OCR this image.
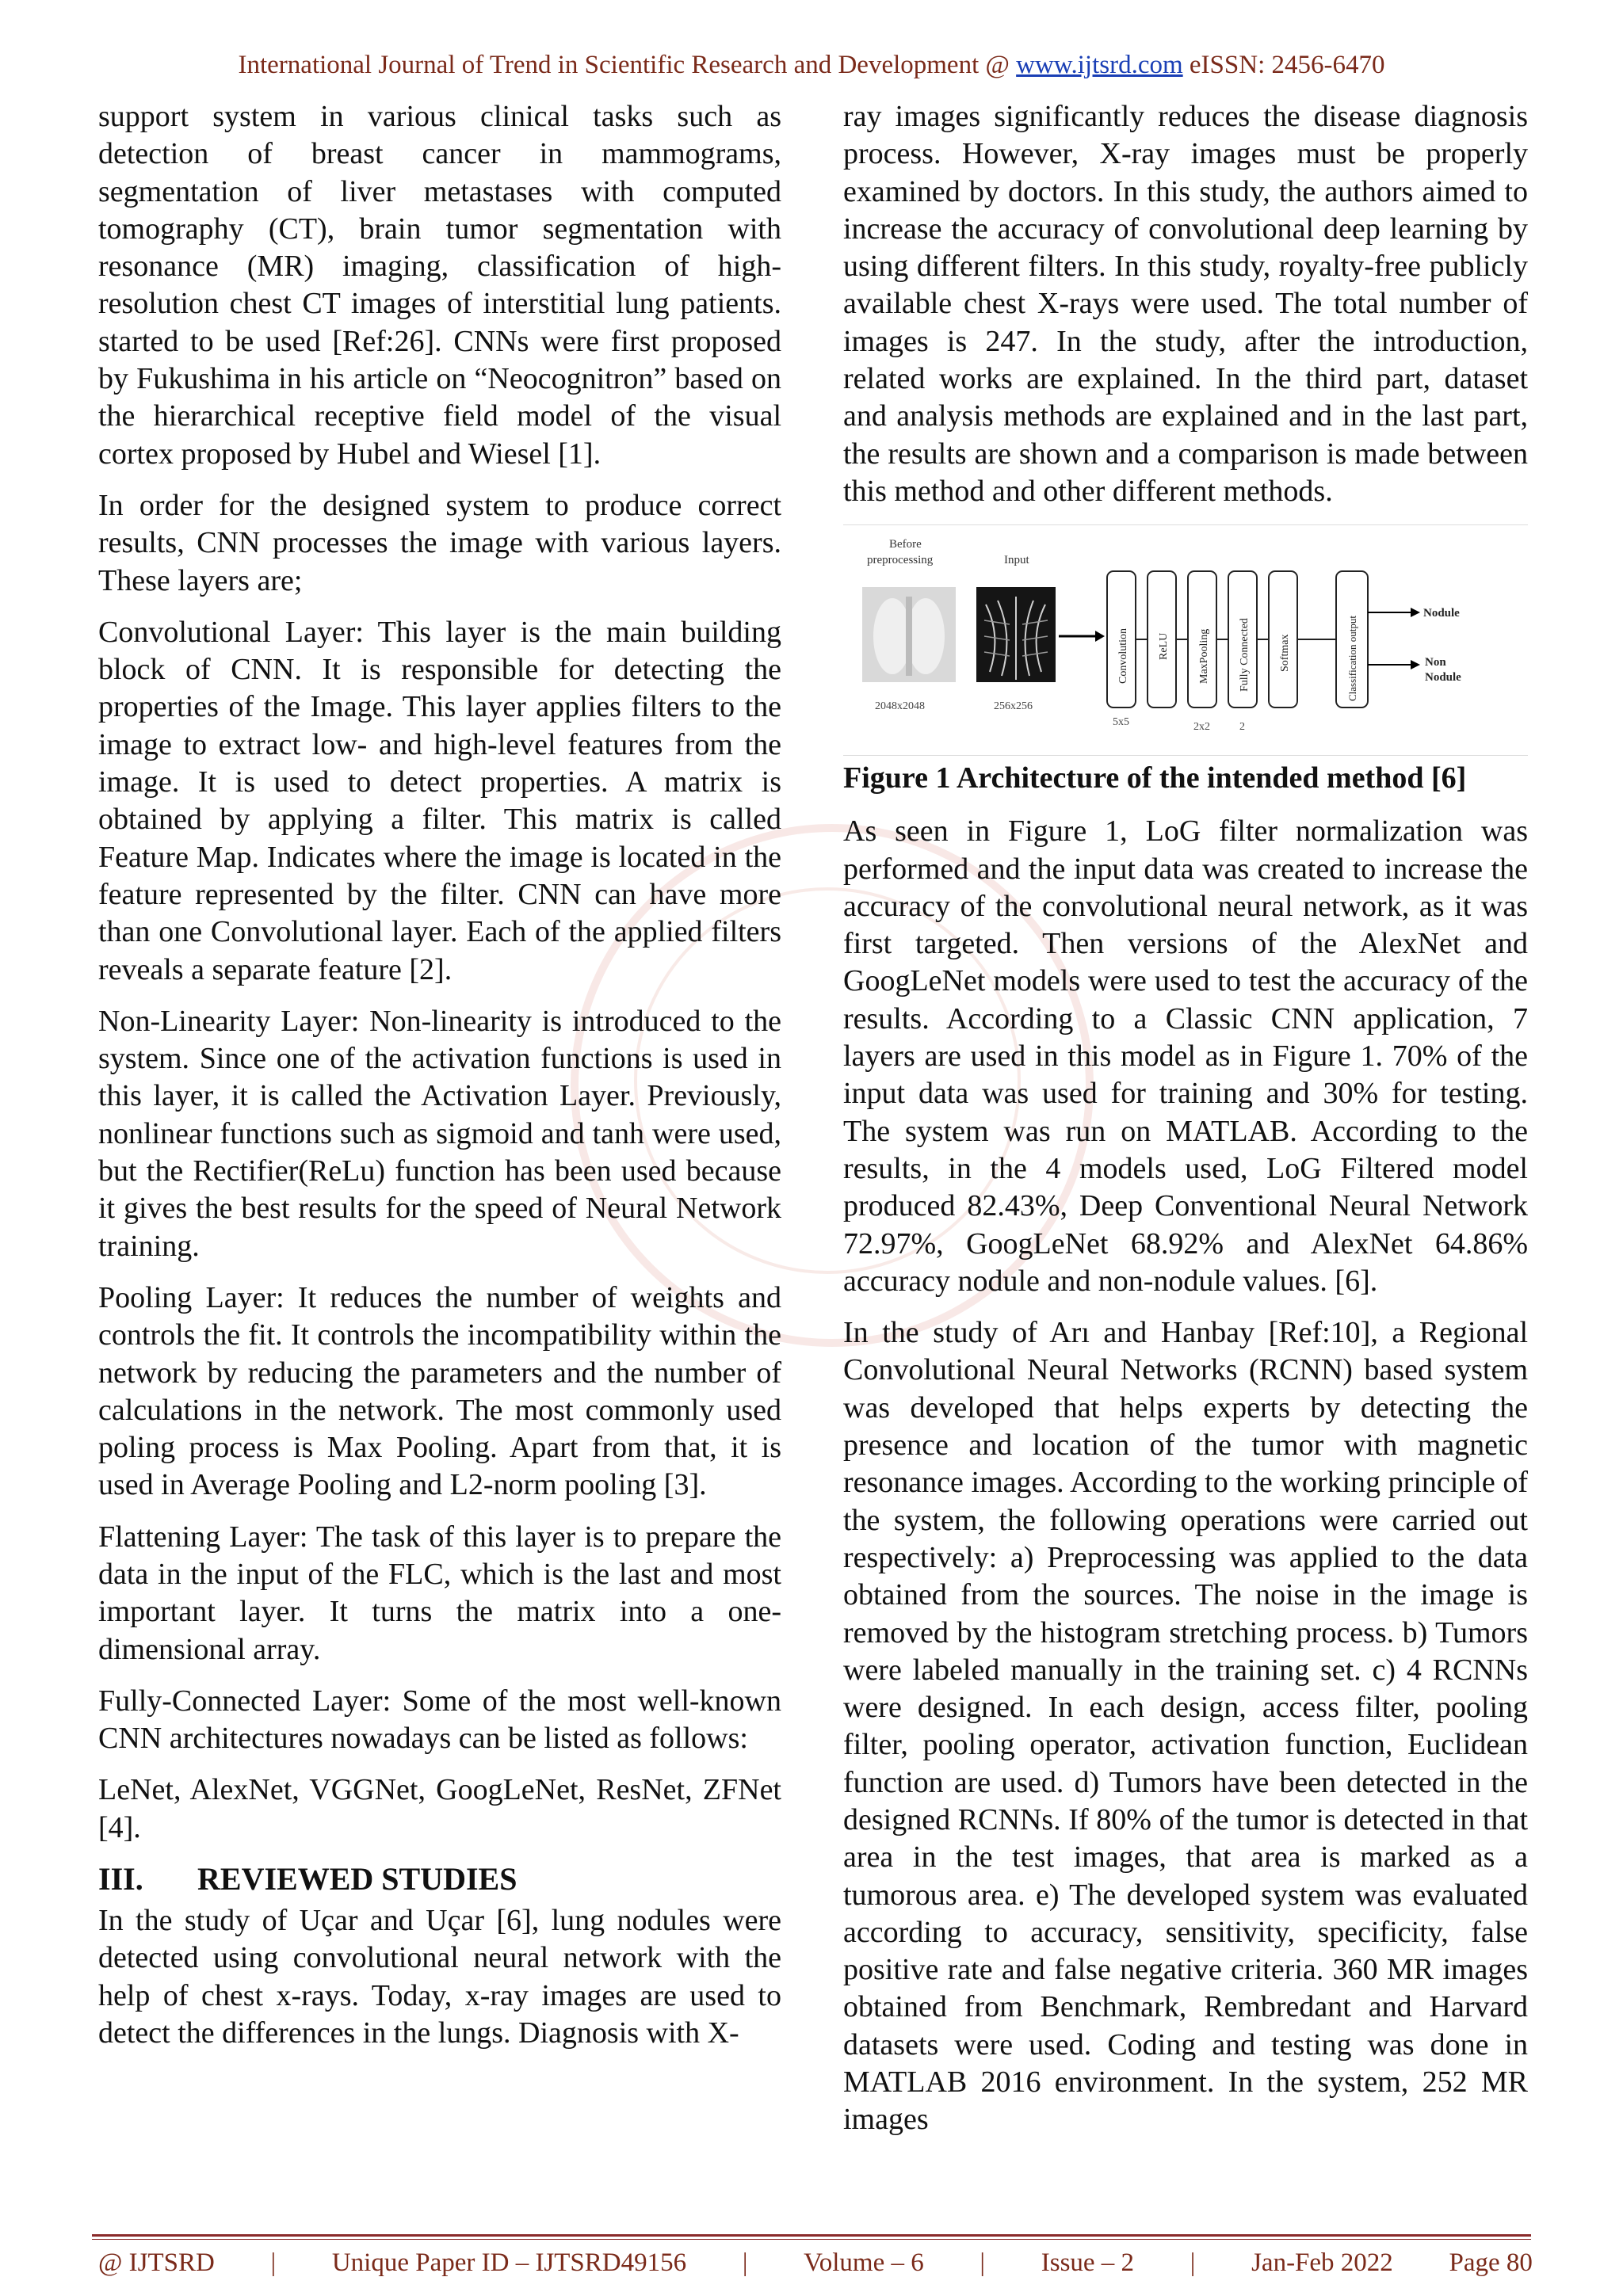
International Journal of Trend in Scientific Research and Development @ www.ijtsrd.com eISSN: 2456-6470

support system in various clinical tasks such as detection of breast cancer in mammograms, segmentation of liver metastases with computed tomography (CT), brain tumor segmentation with resonance (MR) imaging, classification of high-resolution chest CT images of interstitial lung patients. started to be used [Ref:26]. CNNs were first proposed by Fukushima in his article on “Neocognitron” based on the hierarchical receptive field model of the visual cortex proposed by Hubel and Wiesel [1].

In order for the designed system to produce correct results, CNN processes the image with various layers. These layers are;

Convolutional Layer: This layer is the main building block of CNN. It is responsible for detecting the properties of the Image. This layer applies filters to the image to extract low- and high-level features from the image. It is used to detect properties. A matrix is obtained by applying a filter. This matrix is called Feature Map. Indicates where the image is located in the feature represented by the filter. CNN can have more than one Convolutional layer. Each of the applied filters reveals a separate feature [2].

Non-Linearity Layer: Non-linearity is introduced to the system. Since one of the activation functions is used in this layer, it is called the Activation Layer. Previously, nonlinear functions such as sigmoid and tanh were used, but the Rectifier(ReLu) function has been used because it gives the best results for the speed of Neural Network training.

Pooling Layer: It reduces the number of weights and controls the fit. It controls the incompatibility within the network by reducing the parameters and the number of calculations in the network. The most commonly used poling process is Max Pooling. Apart from that, it is used in Average Pooling and L2-norm pooling [3].

Flattening Layer: The task of this layer is to prepare the data in the input of the FLC, which is the last and most important layer. It turns the matrix into a one-dimensional array.

Fully-Connected Layer: Some of the most well-known CNN architectures nowadays can be listed as follows:

LeNet, AlexNet, VGGNet, GoogLeNet, ResNet, ZFNet [4].

III. REVIEWED STUDIES

In the study of Uçar and Uçar [6], lung nodules were detected using convolutional neural network with the help of chest x-rays. Today, x-ray images are used to detect the differences in the lungs. Diagnosis with X-

ray images significantly reduces the disease diagnosis process. However, X-ray images must be properly examined by doctors. In this study, the authors aimed to increase the accuracy of convolutional deep learning by using different filters. In this study, royalty-free publicly available chest X-rays were used. The total number of images is 247. In the study, after the introduction, related works are explained. In the third part, dataset and analysis methods are explained and in the last part, the results are shown and a comparison is made between this method and other different methods.

Before
preprocessing	Input
2048x2048	256x256
Convolution	ReLU	MaxPooling	Fully Connected	Softmax	Classification output
5x5	2x2	2
Nodule
Non
Nodule
Figure 1 Architecture of the intended method [6]

As seen in Figure 1, LoG filter normalization was performed and the input data was created to increase the accuracy of the convolutional neural network, as it was first targeted. Then versions of the AlexNet and GoogLeNet models were used to test the accuracy of the results. According to a Classic CNN application, 7 layers are used in this model as in Figure 1. 70% of the input data was used for training and 30% for testing. The system was run on MATLAB. According to the results, in the 4 models used, LoG Filtered model produced 82.43%, Deep Conventional Neural Network 72.97%, GoogLeNet 68.92% and AlexNet 64.86% accuracy nodule and non-nodule values. [6].

In the study of Arı and Hanbay [Ref:10], a Regional Convolutional Neural Networks (RCNN) based system was developed that helps experts by detecting the presence and location of the tumor with magnetic resonance images. According to the working principle of the system, the following operations were carried out respectively: a) Preprocessing was applied to the data obtained from the sources. The noise in the image is removed by the histogram stretching process. b) Tumors were labeled manually in the training set. c) 4 RCNNs were designed. In each design, access filter, pooling filter, pooling operator, activation function, Euclidean function are used. d) Tumors have been detected in the designed RCNNs. If 80% of the tumor is detected in that area in the test images, that area is marked as a tumorous area. e) The developed system was evaluated according to accuracy, sensitivity, specificity, false positive rate and false negative criteria. 360 MR images obtained from Benchmark, Rembredant and Harvard datasets were used. Coding and testing was done in MATLAB 2016 environment. In the system, 252 MR images

@ IJTSRD | Unique Paper ID – IJTSRD49156 | Volume – 6 | Issue – 2 | Jan-Feb 2022 Page 80
